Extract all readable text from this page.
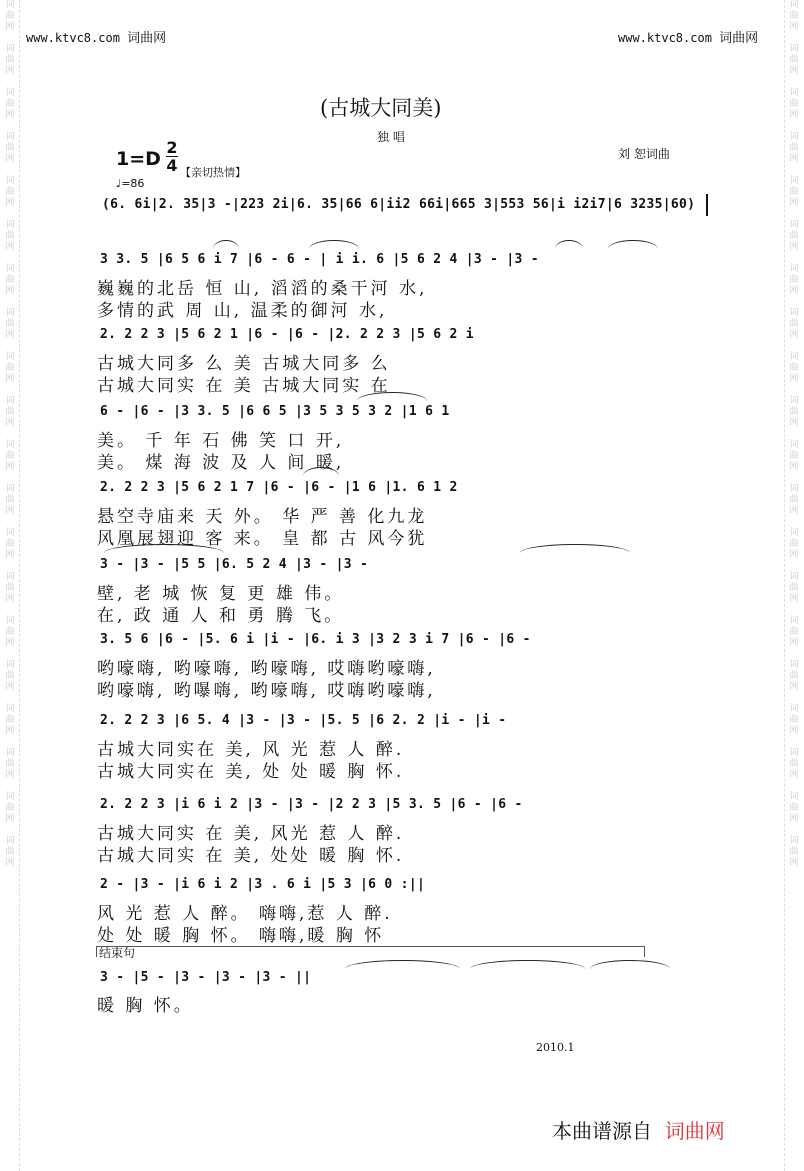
词曲网

词曲网

词曲网

词曲网

词曲网

词曲网

词曲网

词曲网

词曲网

词曲网

词曲网

词曲网

词曲网

词曲网

词曲网

词曲网

词曲网

词曲网

词曲网

词曲网
词曲网

词曲网

词曲网

词曲网

词曲网

词曲网

词曲网

词曲网

词曲网

词曲网

词曲网

词曲网

词曲网

词曲网

词曲网

词曲网

词曲网

词曲网

词曲网

词曲网
www.ktvc8.com 词曲网	www.ktvc8.com 词曲网
(古城大同美)
独 唱
刘 恕词曲
1=D
2
4 【亲切热情】
♩=86
(6. 6i|2. 35|3 -|223 2i|6. 35|66 6|ii2 66i|665 3|553 56|i i2i7|6 3235|60)
3 3. 5 |6 5 6 i 7 |6 - 6 - | i i. 6 |5 6 2 4 |3 - |3 -
巍巍的北岳 恒 山, 滔滔的桑干河 水,
多情的武 周 山, 温柔的御河 水,
2. 2 2 3 |5 6 2 1 |6 - |6 - |2. 2 2 3 |5 6 2 i
古城大同多 么 美 古城大同多 么
古城大同实 在 美 古城大同实 在
6 - |6 - |3 3. 5 |6 6 5 |3 5 3 5 3 2 |1 6 1
美。 千 年 石 佛 笑 口 开,
美。 煤 海 波 及 人 间 暖,
2. 2 2 3 |5 6 2 1 7 |6 - |6 - |1 6 |1. 6 1 2
悬空寺庙来 天 外。 华 严 善 化九龙
风凰展翅迎 客 来。 皇 都 古 风今犹
3 - |3 - |5 5 |6. 5 2 4 |3 - |3 -
壁, 老 城 恢 复 更 雄 伟。
在, 政 通 人 和 勇 腾 飞。
3. 5 6 |6 - |5. 6 i |i - |6. i 3 |3 2 3 i 7 |6 - |6 -
哟嚎嗨, 哟嚎嗨, 哟嚎嗨, 哎嗨哟嚎嗨,
哟嚎嗨, 哟嚗嗨, 哟嚎嗨, 哎嗨哟嚎嗨,
2. 2 2 3 |6 5. 4 |3 - |3 - |5. 5 |6 2. 2 |i - |i -
古城大同实在 美, 风 光 惹 人 醉.
古城大同实在 美, 处 处 暖 胸 怀.
2. 2 2 3 |i 6 i 2 |3 - |3 - |2 2 3 |5 3. 5 |6 - |6 -
古城大同实 在 美, 风光 惹 人 醉.
古城大同实 在 美, 处处 暖 胸 怀.
2 - |3 - |i 6 i 2 |3 . 6 i |5 3 |6 0 :||
风 光 惹 人 醉。 嗨嗨,惹 人 醉.
处 处 暖 胸 怀。 嗨嗨,暖 胸 怀
结束句
3 - |5 - |3 - |3 - |3 - ||
暖 胸 怀。
2010.1
本曲谱源自 词曲网
